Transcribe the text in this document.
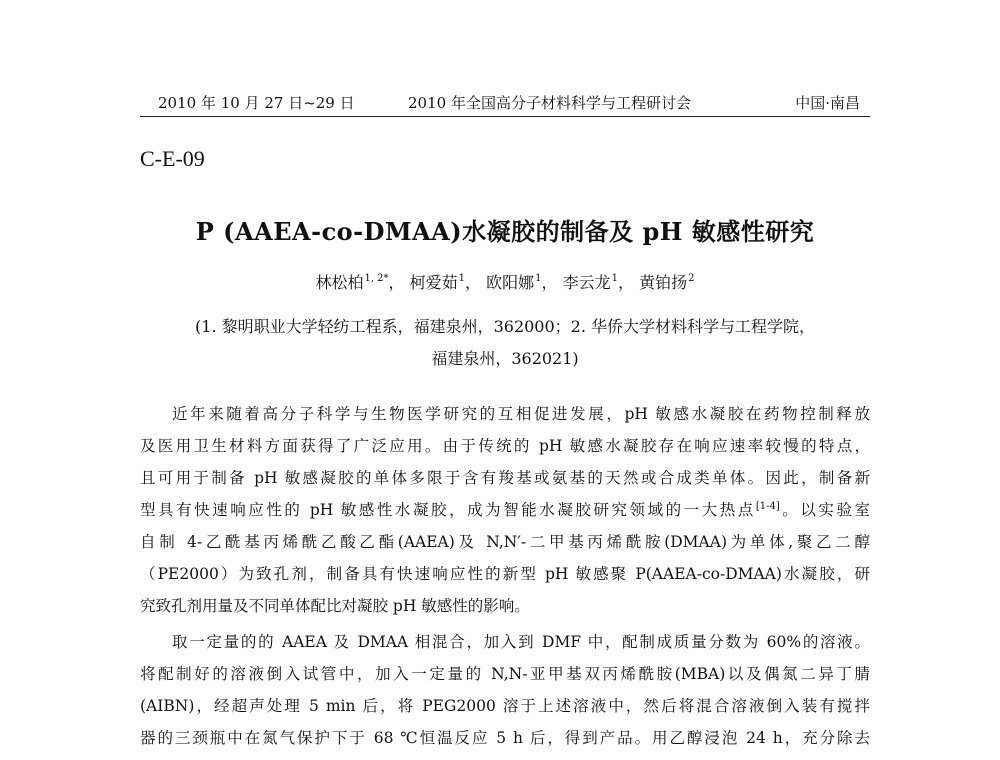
2010 年 10 月 27 日~29 日	2010 年全国高分子材料科学与工程研讨会	中国·南昌
C-E-09
P (AAEA-co-DMAA)水凝胶的制备及 pH 敏感性研究
林松柏$^{1, 2*}$， 柯爱茹$^1$， 欧阳娜$^1$， 李云龙$^1$， 黄铂扬$^2$
(1. 黎明职业大学轻纺工程系，福建泉州，362000；2. 华侨大学材料科学与工程学院，
福建泉州，362021)
近年来随着高分子科学与生物医学研究的互相促进发展，pH 敏感水凝胶在药物控制释放
及医用卫生材料方面获得了广泛应用。由于传统的 pH 敏感水凝胶存在响应速率较慢的特点，
且可用于制备 pH 敏感凝胶的单体多限于含有羧基或氨基的天然或合成类单体。因此，制备新
型具有快速响应性的 pH 敏感性水凝胶，成为智能水凝胶研究领域的一大热点[1-4]。以实验室
自制 4-乙酰基丙烯酰乙酸乙酯(AAEA)及 N,N′-二甲基丙烯酰胺(DMAA)为单体,聚乙二醇
（PE2000）为致孔剂，制备具有快速响应性的新型 pH 敏感聚 P(AAEA-co-DMAA)水凝胶，研
究致孔剂用量及不同单体配比对凝胶 pH 敏感性的影响。
取一定量的的 AAEA 及 DMAA 相混合，加入到 DMF 中，配制成质量分数为 60%的溶液。
将配制好的溶液倒入试管中，加入一定量的 N,N-亚甲基双丙烯酰胺(MBA)以及偶氮二异丁腈
(AIBN)，经超声处理 5 min 后，将 PEG2000 溶于上述溶液中，然后将混合溶液倒入装有搅拌
器的三颈瓶中在氮气保护下于 68 ℃恒温反应 5 h 后，得到产品。用乙醇浸泡 24 h，充分除去
